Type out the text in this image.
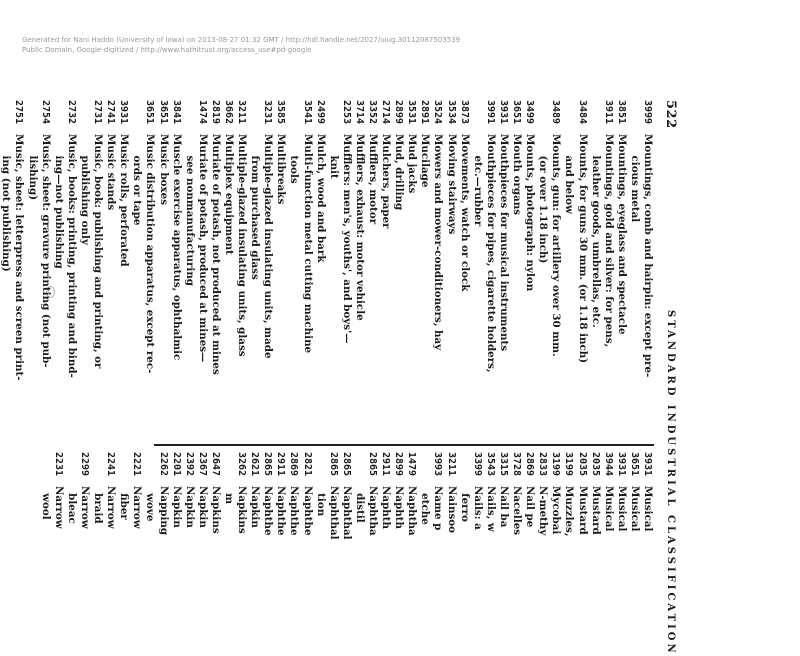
Generated for Nani Haddo (University of Iowa) on 2013-08-27 01:32 GMT / http://hdl.handle.net/2027/uiug.30112087503539
Public Domain, Google-digitized / http://www.hathitrust.org/access_use#pd-google
522
STANDARD INDUSTRIAL CLASSIFICATION
3999
Mountings, comb and hairpin: except pre-
cious metal
3851
Mountings, eyeglass and spectacle
3911
Mountings, gold and silver: for pens,
leather goods, umbrellas, etc.
3484
Mounts, for guns 30 mm. (or 1.18 inch)
and below
3489
Mounts, gun: for artillery over 30 mm.
(or over 1.18 inch)
3499
Mounts, photograph: nylon
3651
Mouth organs
3931
Mouthpieces for musical instruments
3991
Mouthpieces for pipes, cigarette holders,
etc.—rubber
3873
Movements, watch or clock
3534
Moving stairways
3524
Mowers and mower-conditioners, hay
2891
Mucilage
3531
Mud jacks
2899
Mud, drilling
2714
Mulchers, paper
3352
Mufflers, motor
3714
Mufflers, exhaust: motor vehicle
2253
Mufflers: men's, youths', and boys'—
knit
2499
Mulch, wood and bark
3541
Multi-function metal cutting machine
tools
3585
Multibreaks
3231
Multiple-glazed insulating units, made
from purchased glass
3211
Multiple-glazed insulating units, glass
3662
Multiplex equipment
2819
Muriate of potash, not produced at mines
1474
Muriate of potash, produced at mines—
see nonmanufacturing
3841
Muscle exercise apparatus, ophthalmic
3651
Music boxes
3651
Music distribution apparatus, except rec-
ords or tape
3931
Music rolls, perforated
2741
Music stands
2731
Music, book: publishing and printing, or
publishing only
2732
Music, books: printing, printing and bind-
ing—not publishing
2754
Music, sheet: gravure printing (not pub-
lishing)
2751
Music, sheet: letterpress and screen print-
ing (not publishing)
3931
Musical
3651
Musical
3931
Musical
3944
Musical
2035
Mustard
2035
Mustard
3199
Muzzles,
3199
Mycobai
2833
N-methy
2869
Nail pe
3728
Nacelles
3315
Nail ba
3543
Nails, w
3399
Nails: a
ferro
3211
Nainsoo
3993
Name p
etche
1479
Naphtha
2899
Naphth
2911
Naphth
2865
Naphtha
distil
2865
Naphthal
2865
Naphthal
tion
2821
Naphthe
2869
Naphthe
2911
Naphthe
2865
Naphthe
2621
Napkin
3262
Napkins
m
2647
Napkins
2367
Napkin
2392
Napkin
2201
Napkin
2262
Napping
wove
2221
Narrow
fiber
2241
Narrow
braid
2299
Narrow
bleac
2231
Narrow
wool
